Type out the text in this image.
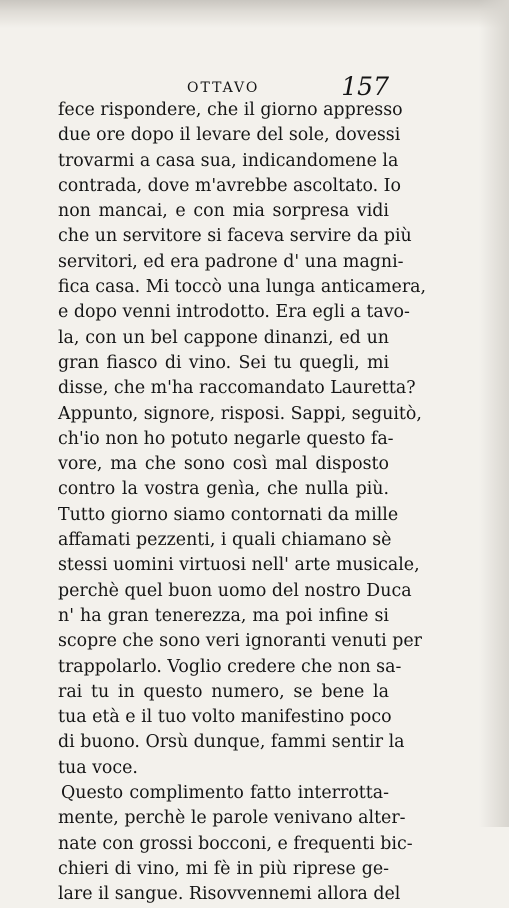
OTTAVO	157
fece rispondere, che il giorno appresso
due ore dopo il levare del sole, dovessi
trovarmi a casa sua, indicandomene la
contrada, dove m'avrebbe ascoltato. Io
non mancai, e con mia sorpresa vidi
che un servitore si faceva servire da più
servitori, ed era padrone d' una magni-
fica casa. Mi toccò una lunga anticamera,
e dopo venni introdotto. Era egli a tavo-
la, con un bel cappone dinanzi, ed un
gran fiasco di vino. Sei tu quegli, mi
disse, che m'ha raccomandato Lauretta?
Appunto, signore, risposi. Sappi, seguitò,
ch'io non ho potuto negarle questo fa-
vore, ma che sono così mal disposto
contro la vostra genìa, che nulla più.
Tutto giorno siamo contornati da mille
affamati pezzenti, i quali chiamano sè
stessi uomini virtuosi nell' arte musicale,
perchè quel buon uomo del nostro Duca
n' ha gran tenerezza, ma poi infine si
scopre che sono veri ignoranti venuti per
trappolarlo. Voglio credere che non sa-
rai tu in questo numero, se bene la
tua età e il tuo volto manifestino poco
di buono. Orsù dunque, fammi sentir la
tua voce.
Questo complimento fatto interrotta-
mente, perchè le parole venivano alter-
nate con grossi bocconi, e frequenti bic-
chieri di vino, mi fè in più riprese ge-
lare il sangue. Risovvennemi allora del
